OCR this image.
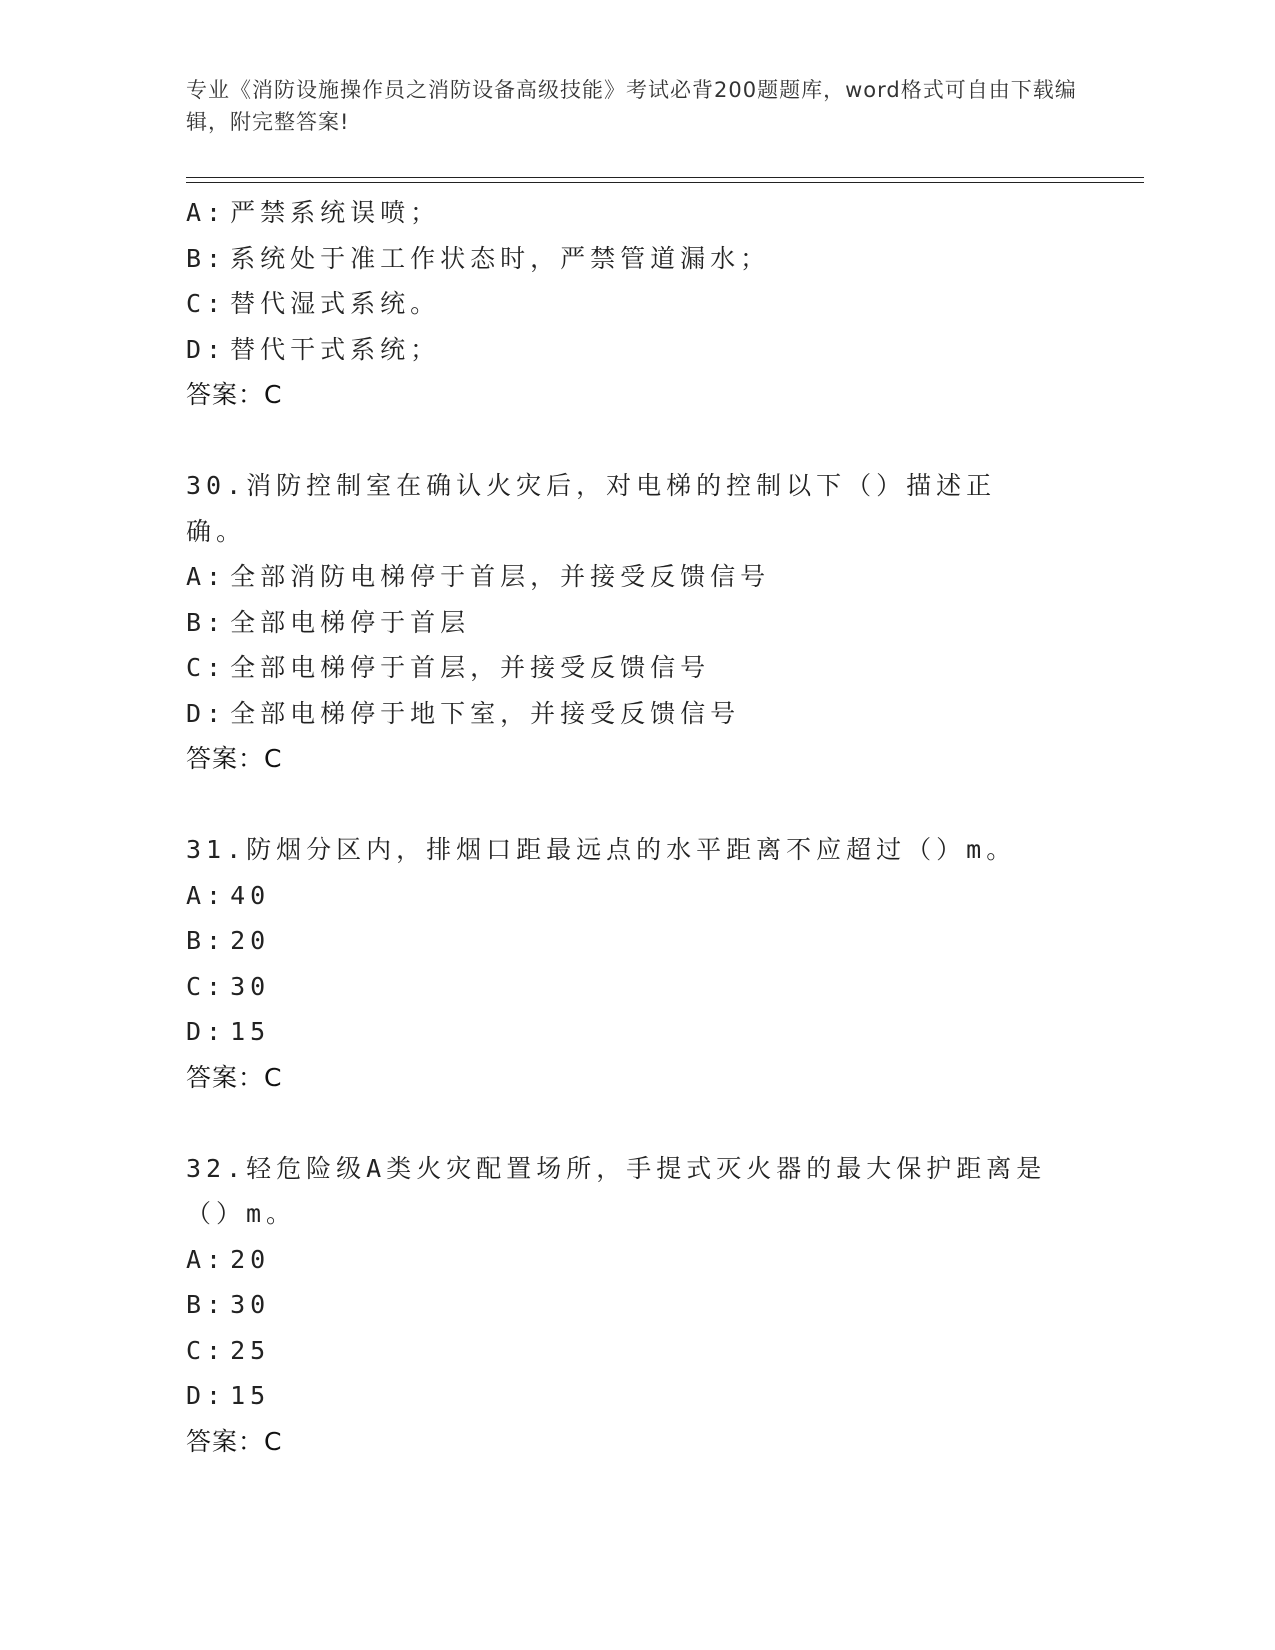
专业《消防设施操作员之消防设备高级技能》考试必背200题题库，word格式可自由下载编辑，附完整答案!
A: 严禁系统误喷；
B: 系统处于准工作状态时，严禁管道漏水；
C: 替代湿式系统。
D: 替代干式系统；
答案：C
30.消防控制室在确认火灾后，对电梯的控制以下（）描述正确。
A: 全部消防电梯停于首层，并接受反馈信号
B: 全部电梯停于首层
C: 全部电梯停于首层，并接受反馈信号
D: 全部电梯停于地下室，并接受反馈信号
答案：C
31.防烟分区内，排烟口距最远点的水平距离不应超过（）m。
A: 40
B: 20
C: 30
D: 15
答案：C
32.轻危险级A类火灾配置场所，手提式灭火器的最大保护距离是（）m。
A: 20
B: 30
C: 25
D: 15
答案：C
